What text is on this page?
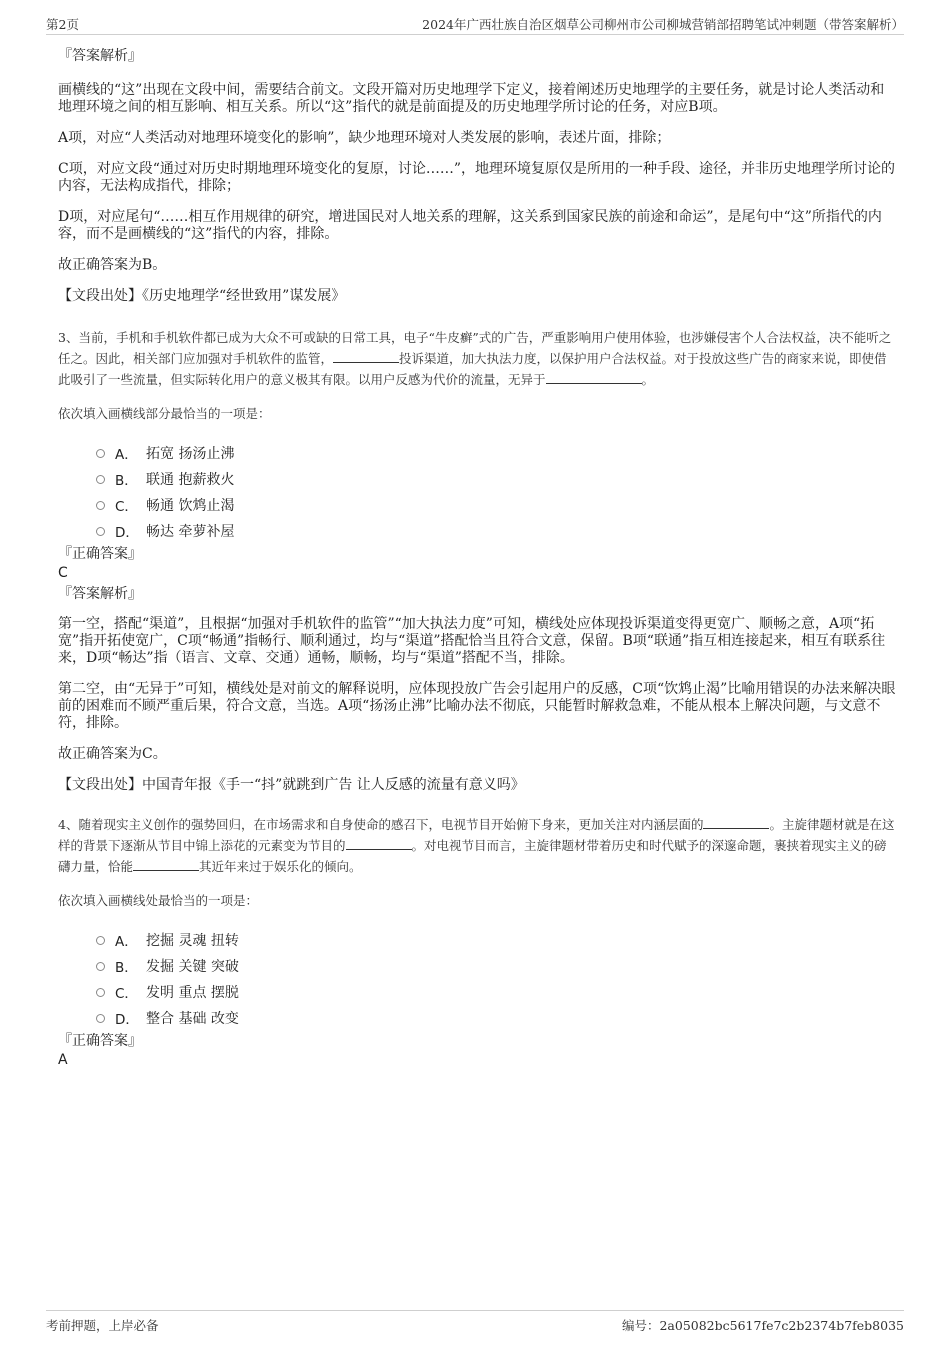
第2页	2024年广西壮族自治区烟草公司柳州市公司柳城营销部招聘笔试冲刺题（带答案解析）
『答案解析』

画横线的“这”出现在文段中间，需要结合前文。文段开篇对历史地理学下定义，接着阐述历史地理学的主要任务，就是讨论人类活动和地理环境之间的相互影响、相互关系。所以“这”指代的就是前面提及的历史地理学所讨论的任务，对应B项。

A项，对应“人类活动对地理环境变化的影响”，缺少地理环境对人类发展的影响，表述片面，排除；

C项，对应文段“通过对历史时期地理环境变化的复原，讨论……”，地理环境复原仅是所用的一种手段、途径，并非历史地理学所讨论的内容，无法构成指代，排除；

D项，对应尾句“……相互作用规律的研究，增进国民对人地关系的理解，这关系到国家民族的前途和命运”，是尾句中“这”所指代的内容，而不是画横线的“这”指代的内容，排除。

故正确答案为B。

【文段出处】《历史地理学“经世致用”谋发展》

3、当前，手机和手机软件都已成为大众不可或缺的日常工具，电子“牛皮癣”式的广告，严重影响用户使用体验，也涉嫌侵害个人合法权益，决不能听之任之。因此，相关部门应加强对手机软件的监管，	投诉渠道，加大执法力度，以保护用户合法权益。对于投放这些广告的商家来说，即使借此吸引了一些流量，但实际转化用户的意义极其有限。以用户反感为代价的流量，无异于	。

依次填入画横线部分最恰当的一项是：

A． 拓宽 扬汤止沸
B． 联通 抱薪救火
C． 畅通 饮鸩止渴
D． 畅达 牵萝补屋
『正确答案』
C
『答案解析』

第一空，搭配“渠道”，且根据“加强对手机软件的监管”“加大执法力度”可知，横线处应体现投诉渠道变得更宽广、顺畅之意，A项“拓宽”指开拓使宽广，C项“畅通”指畅行、顺利通过，均与“渠道”搭配恰当且符合文意，保留。B项“联通”指互相连接起来，相互有联系往来，D项“畅达”指（语言、文章、交通）通畅，顺畅，均与“渠道”搭配不当，排除。

第二空，由“无异于”可知，横线处是对前文的解释说明，应体现投放广告会引起用户的反感，C项“饮鸩止渴”比喻用错误的办法来解决眼前的困难而不顾严重后果，符合文意，当选。A项“扬汤止沸”比喻办法不彻底，只能暂时解救急难，不能从根本上解决问题，与文意不符，排除。

故正确答案为C。

【文段出处】中国青年报《手一“抖”就跳到广告 让人反感的流量有意义吗》

4、随着现实主义创作的强势回归，在市场需求和自身使命的感召下，电视节目开始俯下身来，更加关注对内涵层面的	。主旋律题材就是在这样的背景下逐渐从节目中锦上添花的元素变为节目的	。对电视节目而言，主旋律题材带着历史和时代赋予的深邃命题，裹挟着现实主义的磅礴力量，恰能	其近年来过于娱乐化的倾向。

依次填入画横线处最恰当的一项是：

A． 挖掘 灵魂 扭转
B． 发掘 关键 突破
C． 发明 重点 摆脱
D． 整合 基础 改变
『正确答案』
A
考前押题，上岸必备	编号：2a05082bc5617fe7c2b2374b7feb8035
